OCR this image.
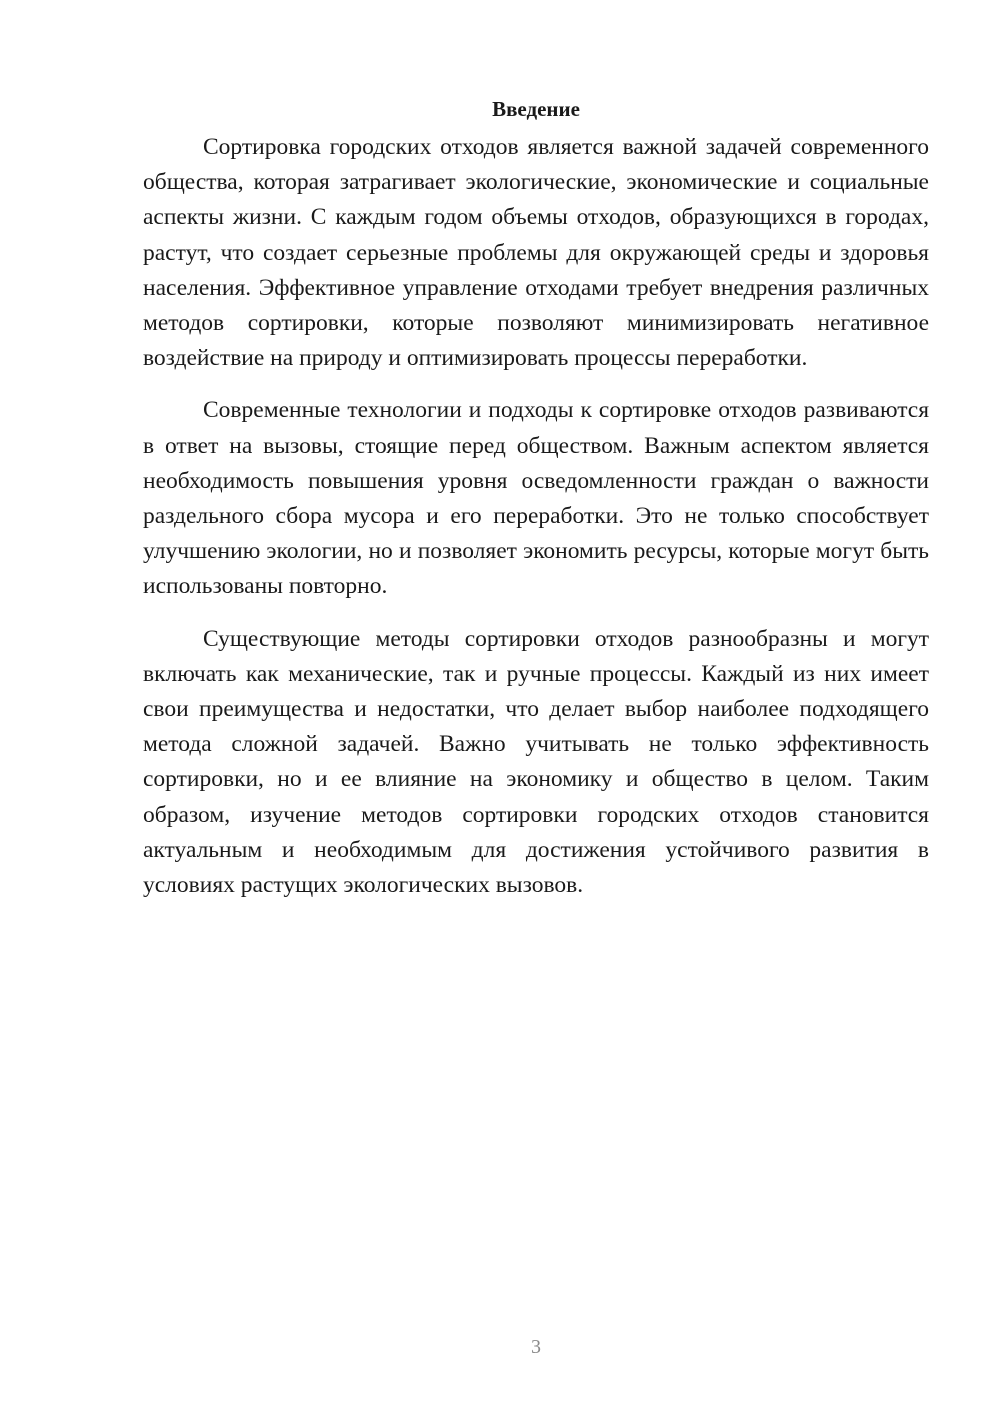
Введение

Сортировка городских отходов является важной задачей современного общества, которая затрагивает экологические, экономические и социальные аспекты жизни. С каждым годом объемы отходов, образующихся в городах, растут, что создает серьезные проблемы для окружающей среды и здоровья населения. Эффективное управление отходами требует внедрения различных методов сортировки, которые позволяют минимизировать негативное воздействие на природу и оптимизировать процессы переработки.

Современные технологии и подходы к сортировке отходов развиваются в ответ на вызовы, стоящие перед обществом. Важным аспектом является необходимость повышения уровня осведомленности граждан о важности раздельного сбора мусора и его переработки. Это не только способствует улучшению экологии, но и позволяет экономить ресурсы, которые могут быть использованы повторно.

Существующие методы сортировки отходов разнообразны и могут включать как механические, так и ручные процессы. Каждый из них имеет свои преимущества и недостатки, что делает выбор наиболее подходящего метода сложной задачей. Важно учитывать не только эффективность сортировки, но и ее влияние на экономику и общество в целом. Таким образом, изучение методов сортировки городских отходов становится актуальным и необходимым для достижения устойчивого развития в условиях растущих экологических вызовов.

3
